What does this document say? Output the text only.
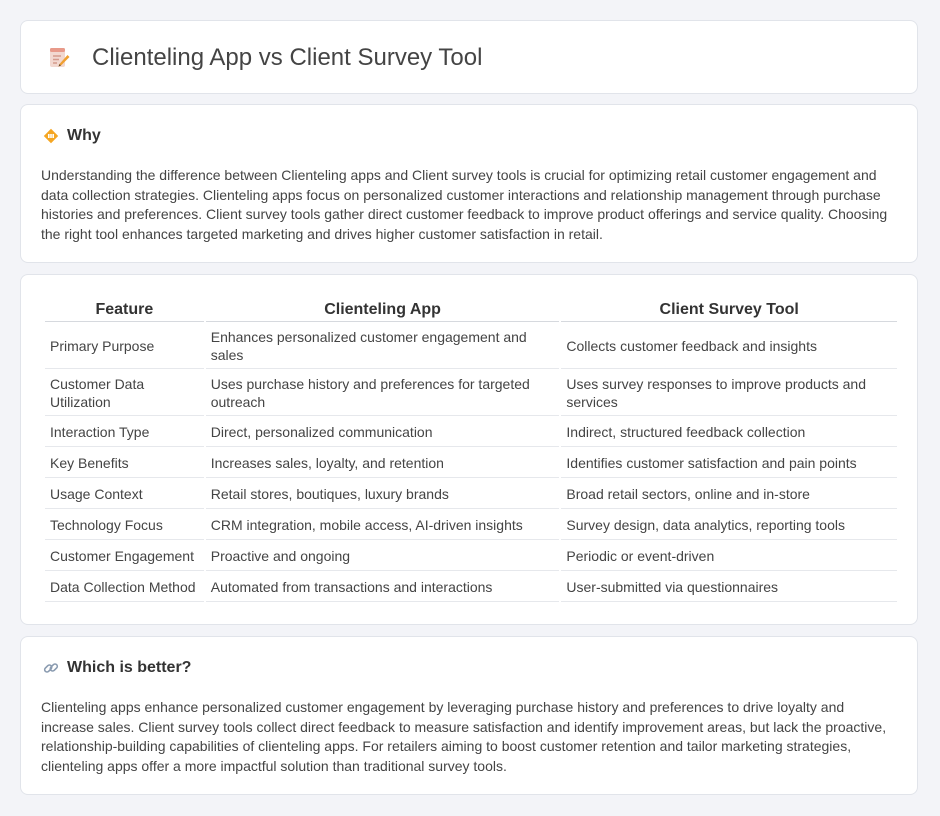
Clienteling App vs Client Survey Tool
Why

Understanding the difference between Clienteling apps and Client survey tools is crucial for optimizing retail customer engagement and data collection strategies. Clienteling apps focus on personalized customer interactions and relationship management through purchase histories and preferences. Client survey tools gather direct customer feedback to improve product offerings and service quality. Choosing the right tool enhances targeted marketing and drives higher customer satisfaction in retail.

Feature	Clienteling App	Client Survey Tool
Primary Purpose	Enhances personalized customer engagement and sales	Collects customer feedback and insights
Customer Data Utilization	Uses purchase history and preferences for targeted outreach	Uses survey responses to improve products and services
Interaction Type	Direct, personalized communication	Indirect, structured feedback collection
Key Benefits	Increases sales, loyalty, and retention	Identifies customer satisfaction and pain points
Usage Context	Retail stores, boutiques, luxury brands	Broad retail sectors, online and in-store
Technology Focus	CRM integration, mobile access, AI-driven insights	Survey design, data analytics, reporting tools
Customer Engagement	Proactive and ongoing	Periodic or event-driven
Data Collection Method	Automated from transactions and interactions	User-submitted via questionnaires
Which is better?

Clienteling apps enhance personalized customer engagement by leveraging purchase history and preferences to drive loyalty and increase sales. Client survey tools collect direct feedback to measure satisfaction and identify improvement areas, but lack the proactive, relationship-building capabilities of clienteling apps. For retailers aiming to boost customer retention and tailor marketing strategies, clienteling apps offer a more impactful solution than traditional survey tools.
